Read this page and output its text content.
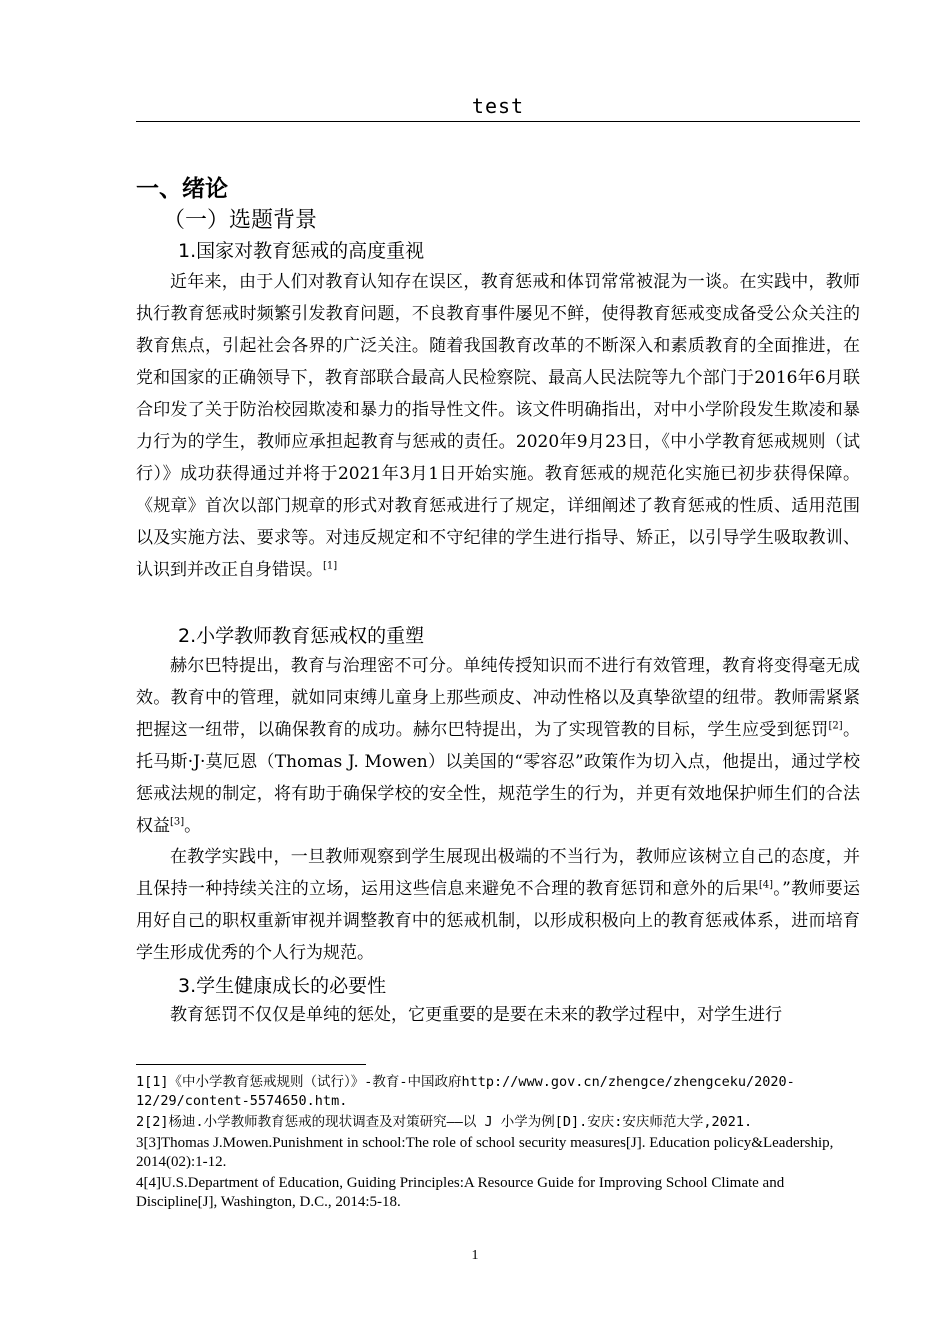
test
一、绪论
（一）选题背景
1.国家对教育惩戒的高度重视
近年来，由于人们对教育认知存在误区，教育惩戒和体罚常常被混为一谈。在实践中，教师执行教育惩戒时频繁引发教育问题，不良教育事件屡见不鲜，使得教育惩戒变成备受公众关注的教育焦点，引起社会各界的广泛关注。随着我国教育改革的不断深入和素质教育的全面推进，在党和国家的正确领导下，教育部联合最高人民检察院、最高人民法院等九个部门于2016年6月联合印发了关于防治校园欺凌和暴力的指导性文件。该文件明确指出，对中小学阶段发生欺凌和暴力行为的学生，教师应承担起教育与惩戒的责任。2020年9月23日，《中小学教育惩戒规则（试行）》成功获得通过并将于2021年3月1日开始实施。教育惩戒的规范化实施已初步获得保障。《规章》首次以部门规章的形式对教育惩戒进行了规定，详细阐述了教育惩戒的性质、适用范围以及实施方法、要求等。对违反规定和不守纪律的学生进行指导、矫正，以引导学生吸取教训、认识到并改正自身错误。[1]
2.小学教师教育惩戒权的重塑
赫尔巴特提出，教育与治理密不可分。单纯传授知识而不进行有效管理，教育将变得毫无成效。教育中的管理，就如同束缚儿童身上那些顽皮、冲动性格以及真挚欲望的纽带。教师需紧紧把握这一纽带，以确保教育的成功。赫尔巴特提出，为了实现管教的目标，学生应受到惩罚[2]。托马斯·J·莫厄恩（Thomas J. Mowen）以美国的“零容忍”政策作为切入点，他提出，通过学校惩戒法规的制定，将有助于确保学校的安全性，规范学生的行为，并更有效地保护师生们的合法权益[3]。
在教学实践中，一旦教师观察到学生展现出极端的不当行为，教师应该树立自己的态度，并且保持一种持续关注的立场，运用这些信息来避免不合理的教育惩罚和意外的后果[4]。”教师要运用好自己的职权重新审视并调整教育中的惩戒机制，以形成积极向上的教育惩戒体系，进而培育学生形成优秀的个人行为规范。
3.学生健康成长的必要性
教育惩罚不仅仅是单纯的惩处，它更重要的是要在未来的教学过程中，对学生进行
1[1]《中小学教育惩戒规则（试行）》-教育-中国政府http://www.gov.cn/zhengce/zhengceku/2020-12/29/content-5574650.htm.
2[2]杨迪.小学教师教育惩戒的现状调查及对策研究——以 J 小学为例[D].安庆:安庆师范大学,2021.
3[3]Thomas J.Mowen.Punishment in school:The role of school security measures[J]. Education policy&Leadership, 2014(02):1-12.
4[4]U.S.Department of Education, Guiding Principles:A Resource Guide for Improving School Climate and Discipline[J], Washington, D.C., 2014:5-18.
1
